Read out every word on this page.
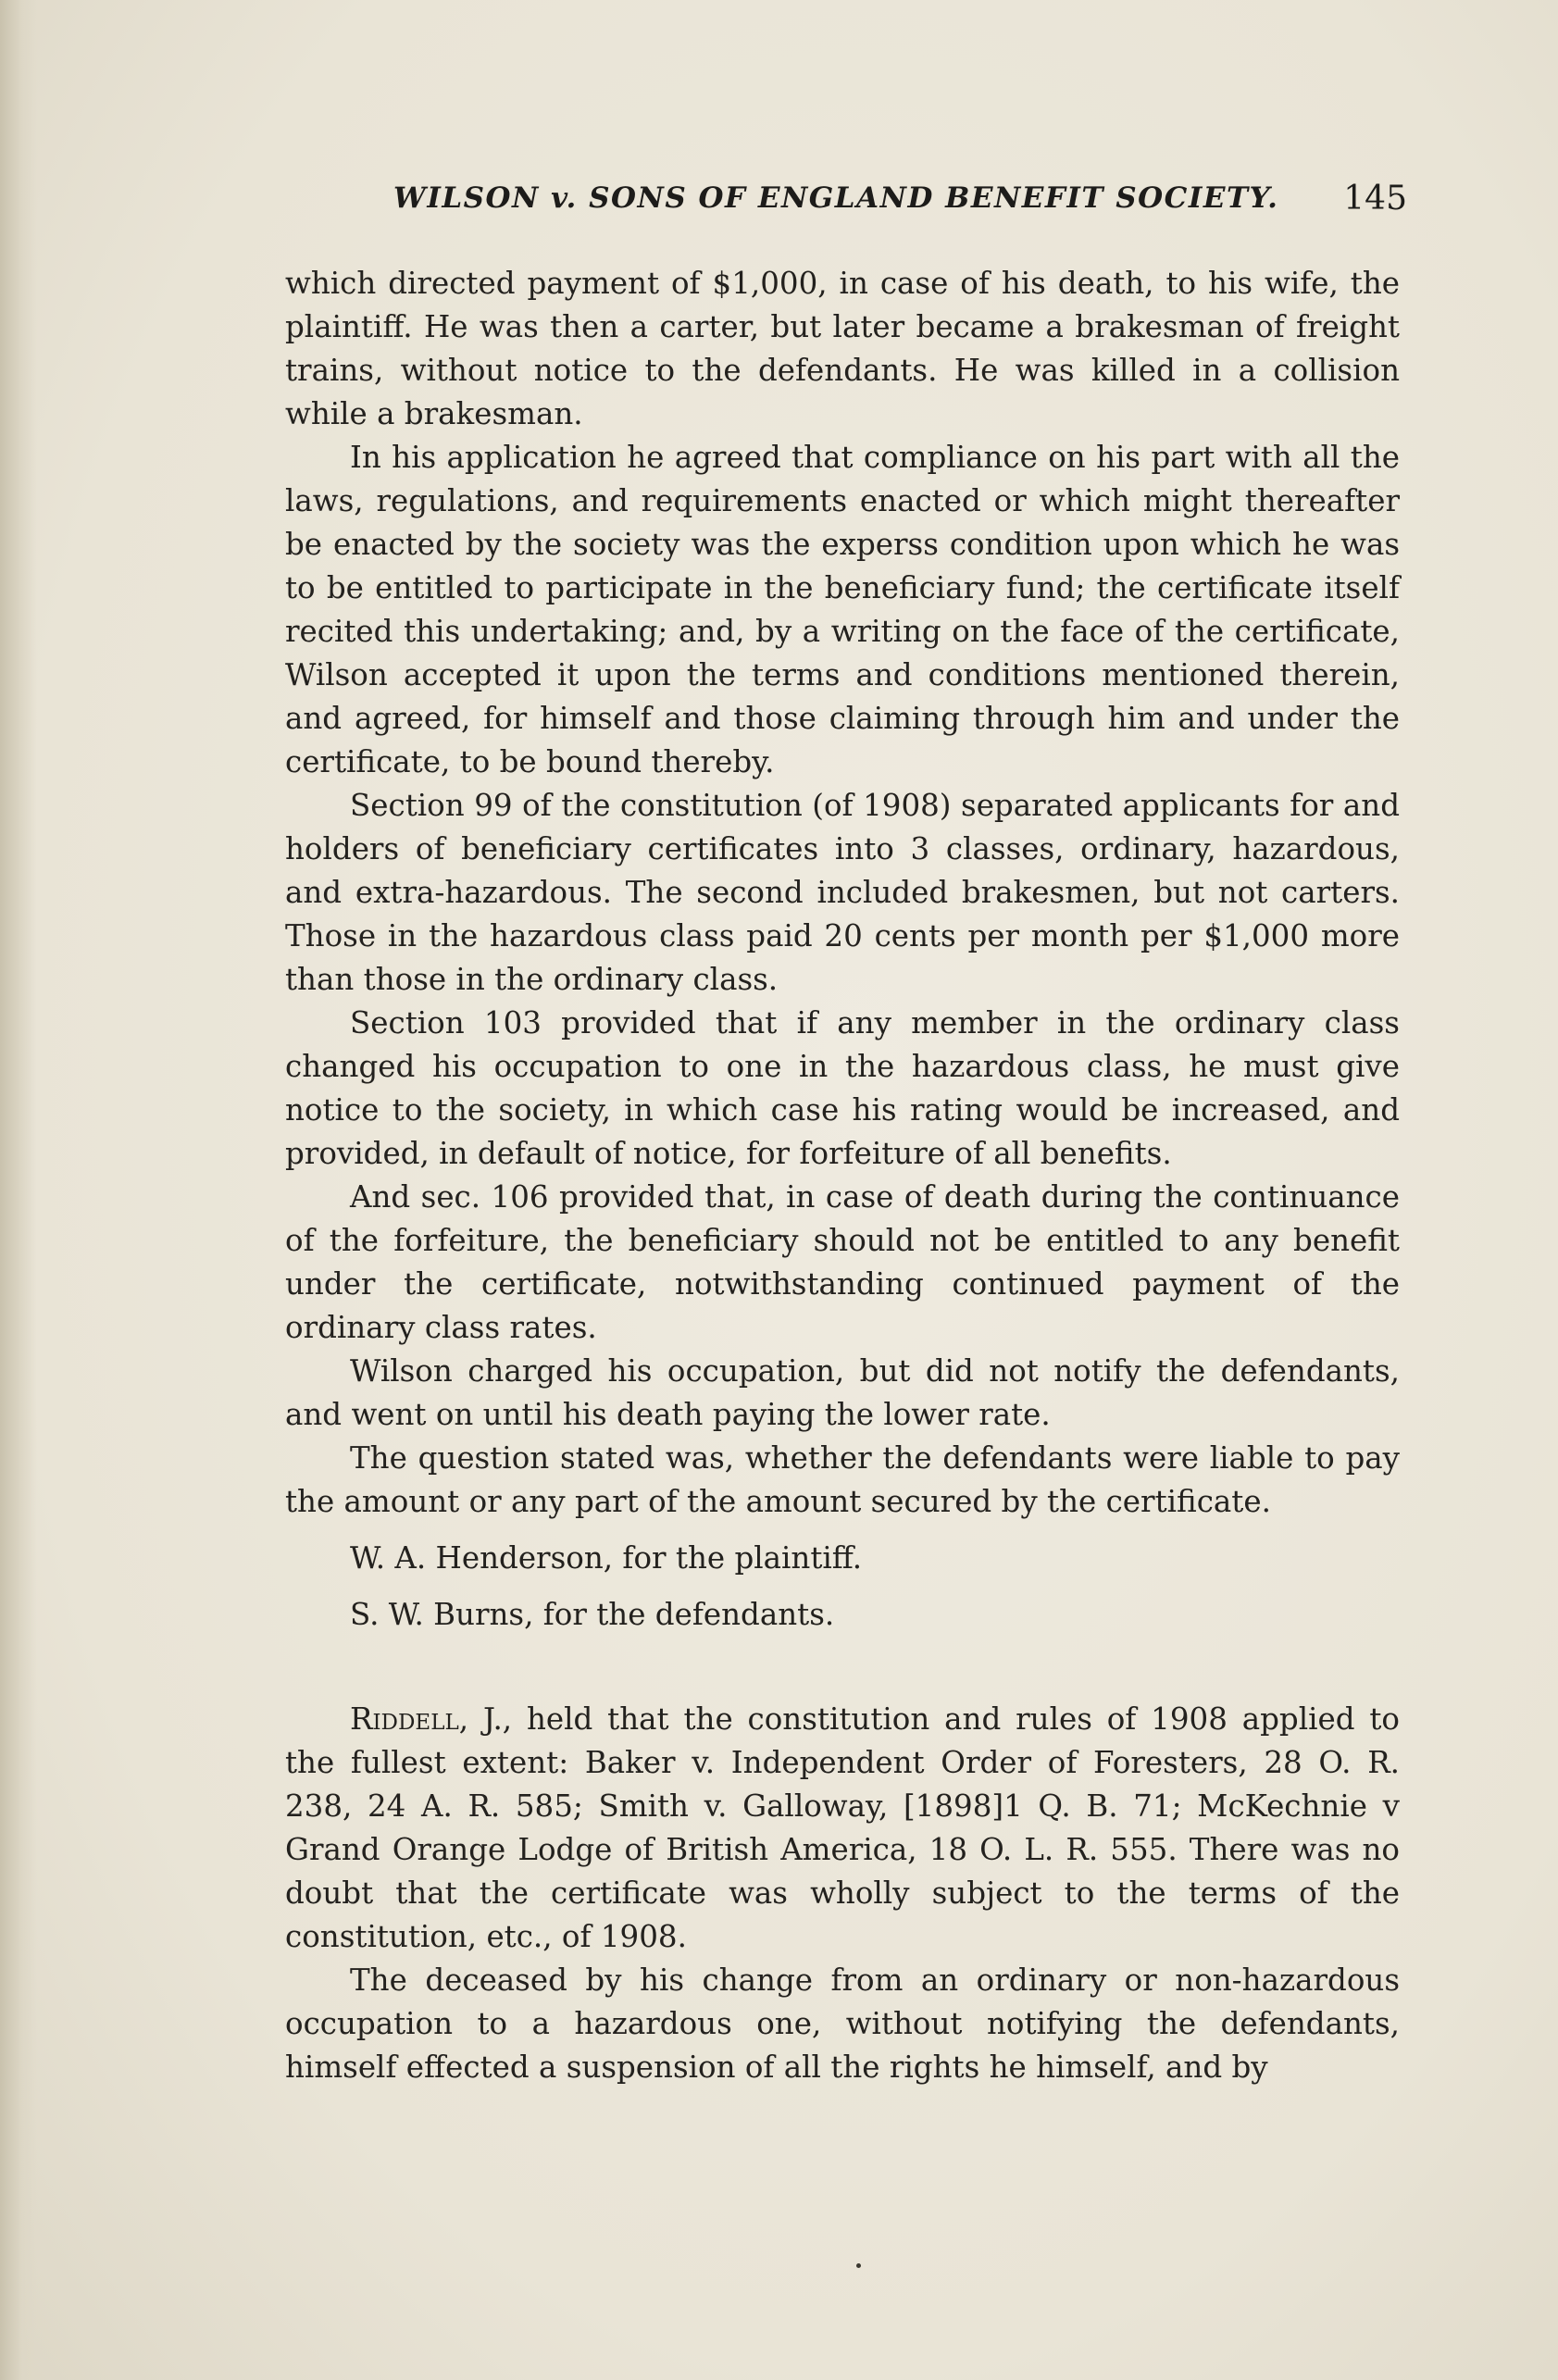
WILSON v. SONS OF ENGLAND BENEFIT SOCIETY. 145

which directed payment of $1,000, in case of his death, to his wife, the plaintiff. He was then a carter, but later became a brakesman of freight trains, without notice to the defendants. He was killed in a collision while a brakesman.

In his application he agreed that compliance on his part with all the laws, regulations, and requirements enacted or which might thereafter be enacted by the society was the experss condition upon which he was to be entitled to participate in the beneficiary fund; the certificate itself recited this undertaking; and, by a writing on the face of the certificate, Wilson accepted it upon the terms and conditions mentioned therein, and agreed, for himself and those claiming through him and under the certificate, to be bound thereby.

Section 99 of the constitution (of 1908) separated applicants for and holders of beneficiary certificates into 3 classes, ordinary, hazardous, and extra-hazardous. The second included brakesmen, but not carters. Those in the hazardous class paid 20 cents per month per $1,000 more than those in the ordinary class.

Section 103 provided that if any member in the ordinary class changed his occupation to one in the hazardous class, he must give notice to the society, in which case his rating would be increased, and provided, in default of notice, for forfeiture of all benefits.

And sec. 106 provided that, in case of death during the continuance of the forfeiture, the beneficiary should not be entitled to any benefit under the certificate, notwithstanding continued payment of the ordinary class rates.

Wilson charged his occupation, but did not notify the defendants, and went on until his death paying the lower rate.

The question stated was, whether the defendants were liable to pay the amount or any part of the amount secured by the certificate.

W. A. Henderson, for the plaintiff.

S. W. Burns, for the defendants.

Riddell, J., held that the constitution and rules of 1908 applied to the fullest extent: Baker v. Independent Order of Foresters, 28 O. R. 238, 24 A. R. 585; Smith v. Galloway, [1898]1 Q. B. 71; McKechnie v Grand Orange Lodge of British America, 18 O. L. R. 555. There was no doubt that the certificate was wholly subject to the terms of the constitution, etc., of 1908.

The deceased by his change from an ordinary or non-hazardous occupation to a hazardous one, without notifying the defendants, himself effected a suspension of all the rights he himself, and by
